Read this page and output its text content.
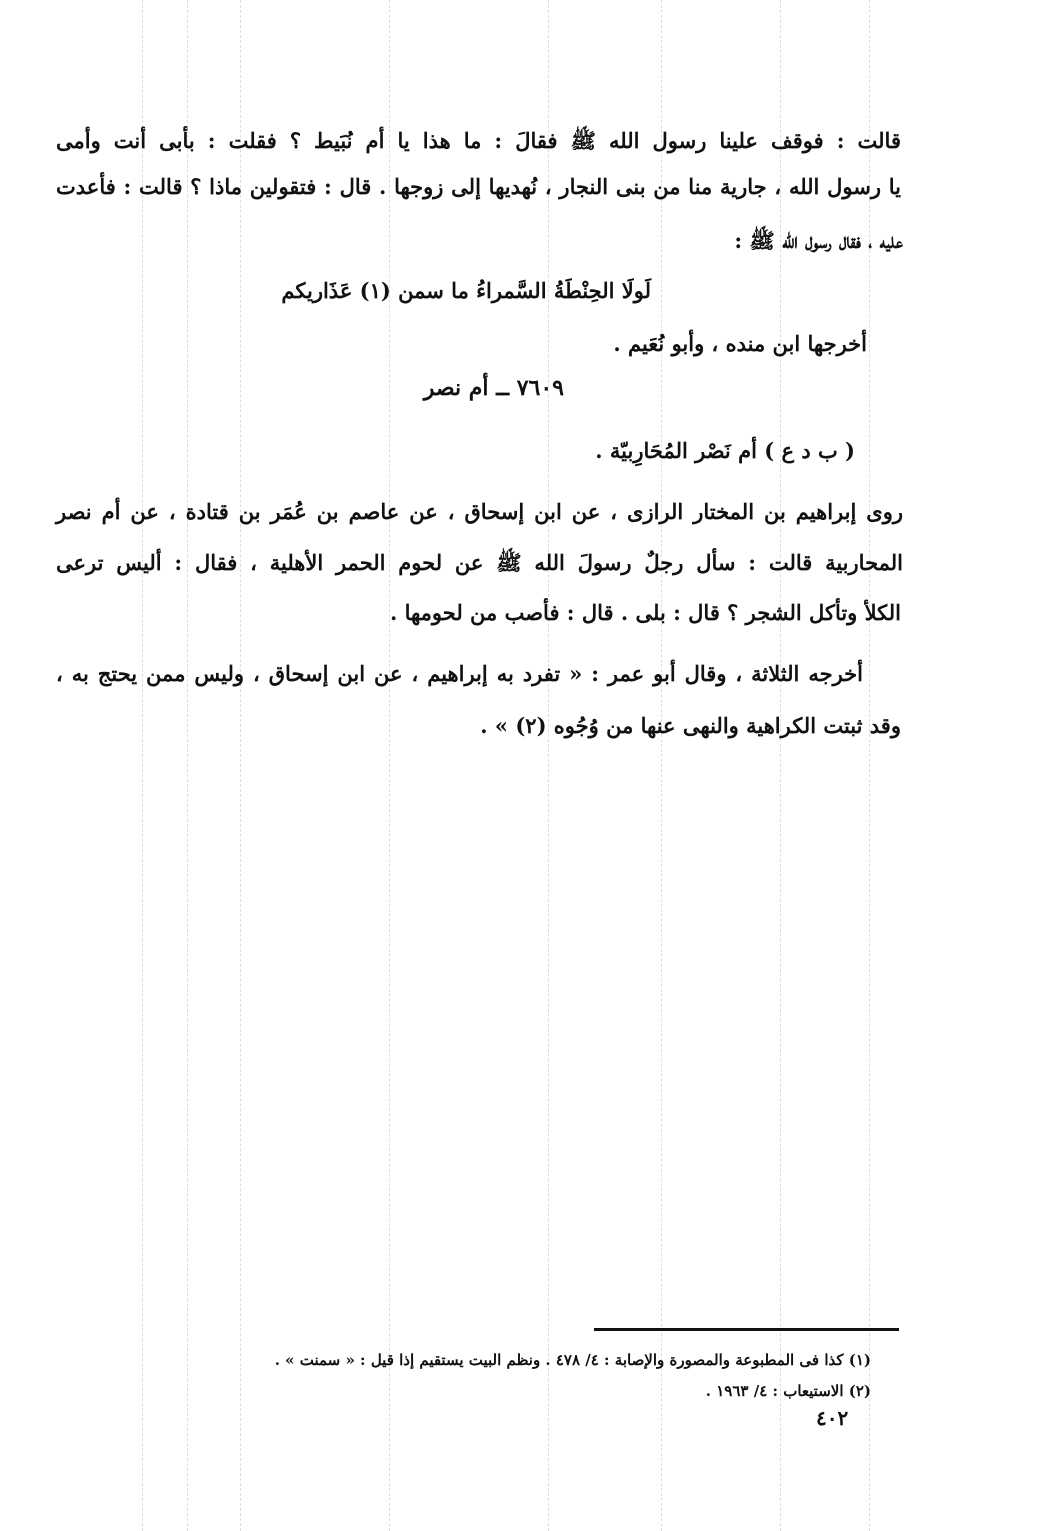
قالت : فوقف علينا رسول الله ﷺ فقالَ : ما هذا يا أم نُبَيط ؟ فقلت : بأبى أنت وأمى
يا رسول الله ، جارية منا من بنى النجار ، نُهديها إلى زوجها . قال : فتقولين ماذا ؟ قالت : فأعدت
عليه ، فقال رسول الله ﷺ :
لَولَا الحِنْطَةُ السَّمراءُ ما سمن (١) عَذَاريكم
أخرجها ابن منده ، وأبو نُعَيم .
٧٦٠٩ ــ أم نصر
( ب د ع ) أم نَصْر المُحَارِبيّة .
روى إبراهيم بن المختار الرازى ، عن ابن إسحاق ، عن عاصم بن عُمَر بن قتادة ، عن أم نصر
المحاربية قالت : سأل رجلٌ رسولَ الله ﷺ عن لحوم الحمر الأهلية ، فقال : أليس ترعى
الكلأ وتأكل الشجر ؟ قال : بلى . قال : فأصب من لحومها .
أخرجه الثلاثة ، وقال أبو عمر : « تفرد به إبراهيم ، عن ابن إسحاق ، وليس ممن يحتج به ،
وقد ثبتت الكراهية والنهى عنها من وُجُوه (٢) » .
(١) كذا فى المطبوعة والمصورة والإصابة : ٤/ ٤٧٨ . ونظم البيت يستقيم إذا قيل : « سمنت » .
(٢) الاستيعاب : ٤/ ١٩٦٣ .
٤٠٢
